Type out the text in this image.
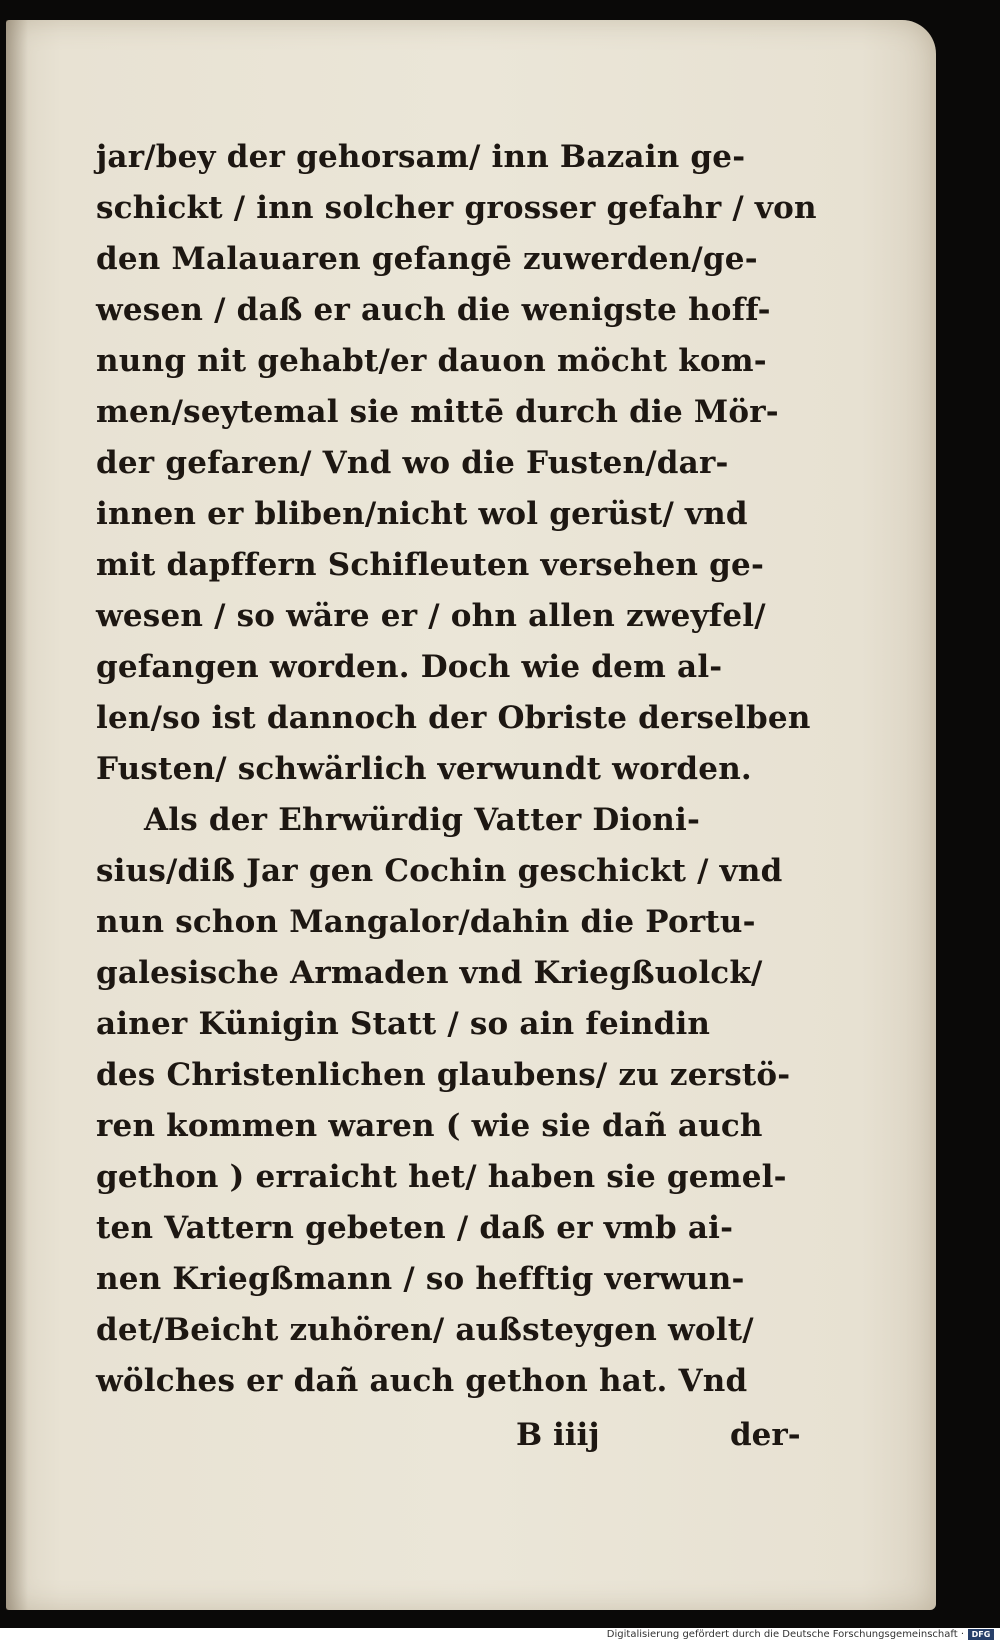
jar/bey der gehorsam/ inn Bazain ge-
schickt / inn solcher grosser gefahr / von
den Malauaren gefangē zuwerden/ge-
wesen / daß er auch die wenigste hoff-
nung nit gehabt/er dauon möcht kom-
men/seytemal sie mittē durch die Mör-
der gefaren/ Vnd wo die Fusten/dar-
innen er bliben/nicht wol gerüst/ vnd
mit dapffern Schifleuten versehen ge-
wesen / so wäre er / ohn allen zweyfel/
gefangen worden. Doch wie dem al-
len/so ist dannoch der Obriste derselben
Fusten/ schwärlich verwundt worden.
Als der Ehrwürdig Vatter Dioni-
sius/diß Jar gen Cochin geschickt / vnd
nun schon Mangalor/dahin die Portu-
galesische Armaden vnd Kriegßuolck/
ainer Künigin Statt / so ain feindin
des Christenlichen glaubens/ zu zerstö-
ren kommen waren ( wie sie dañ auch
gethon ) erraicht het/ haben sie gemel-
ten Vattern gebeten / daß er vmb ai-
nen Kriegßmann / so hefftig verwun-
det/Beicht zuhören/ außsteygen wolt/
wölches er dañ auch gethon hat. Vnd
B iiij	der-
Digitalisierung gefördert durch die Deutsche Forschungsgemeinschaft · DFG
